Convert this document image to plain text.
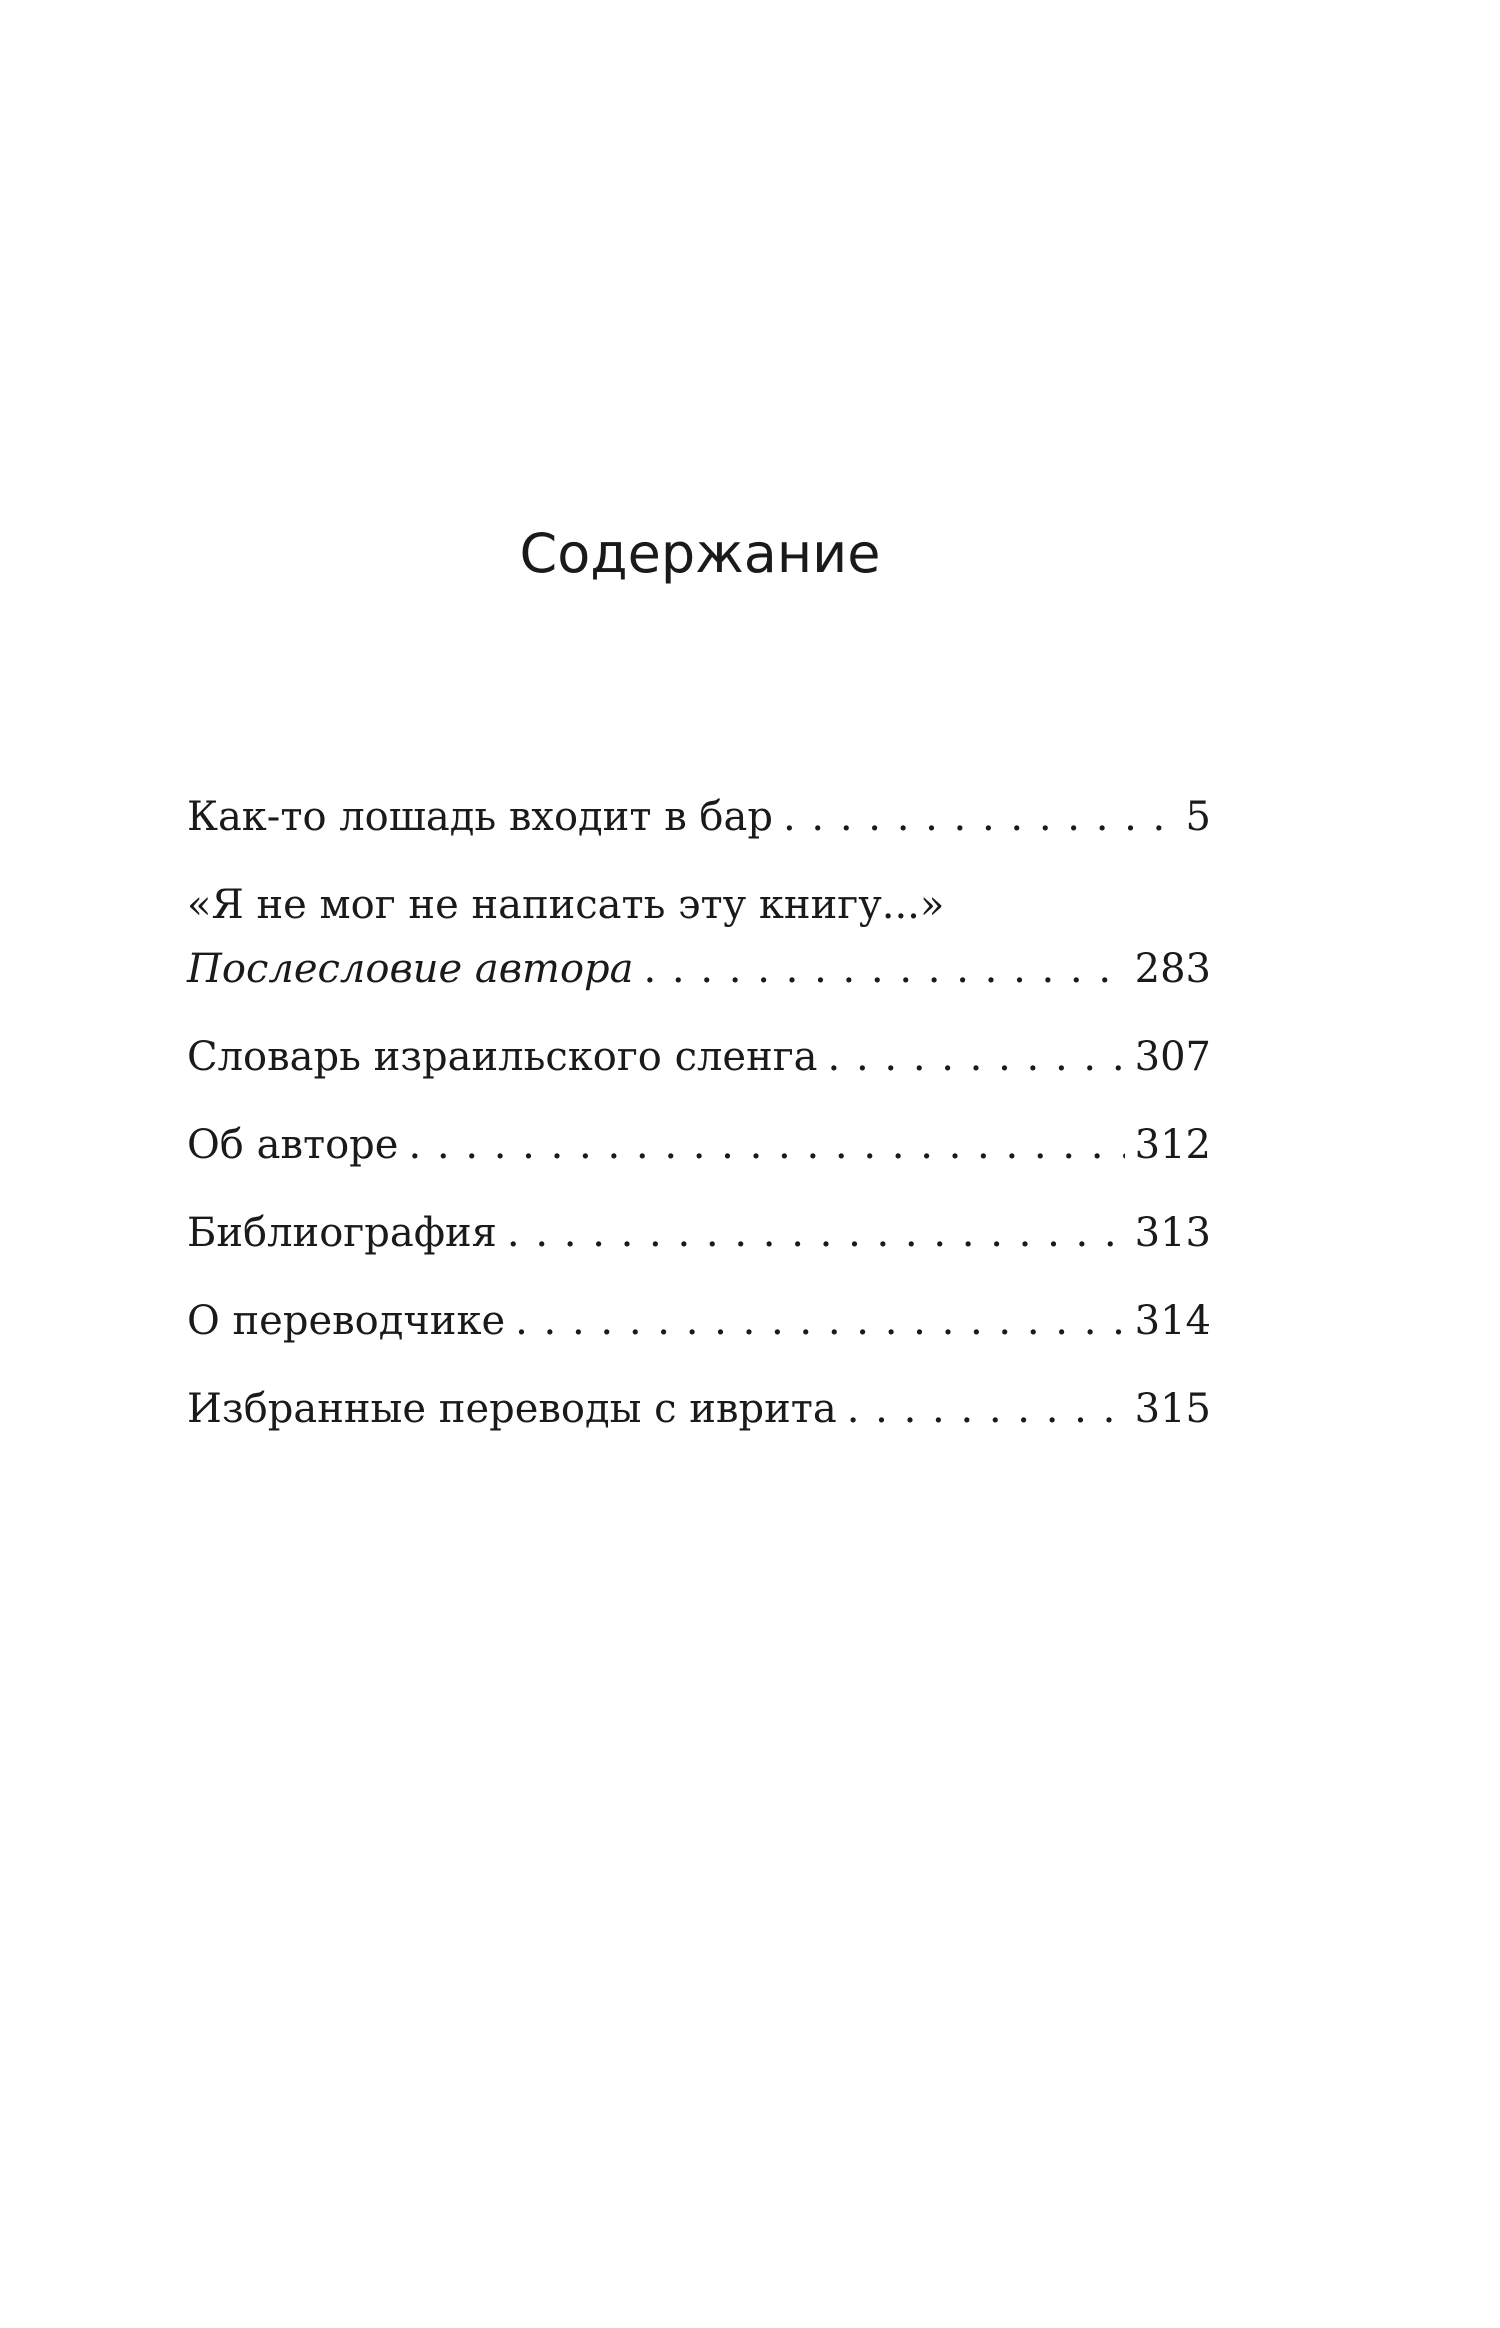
Содержание
Как-то лошадь входит в бар . . .	5
«Я не мог не написать эту книгу...»
Послесловие автора . . .	283
Словарь израильского сленга . . .	307
Об авторе . . .	312
Библиография . . .	313
О переводчике . . .	314
Избранные переводы с иврита . . .	315
